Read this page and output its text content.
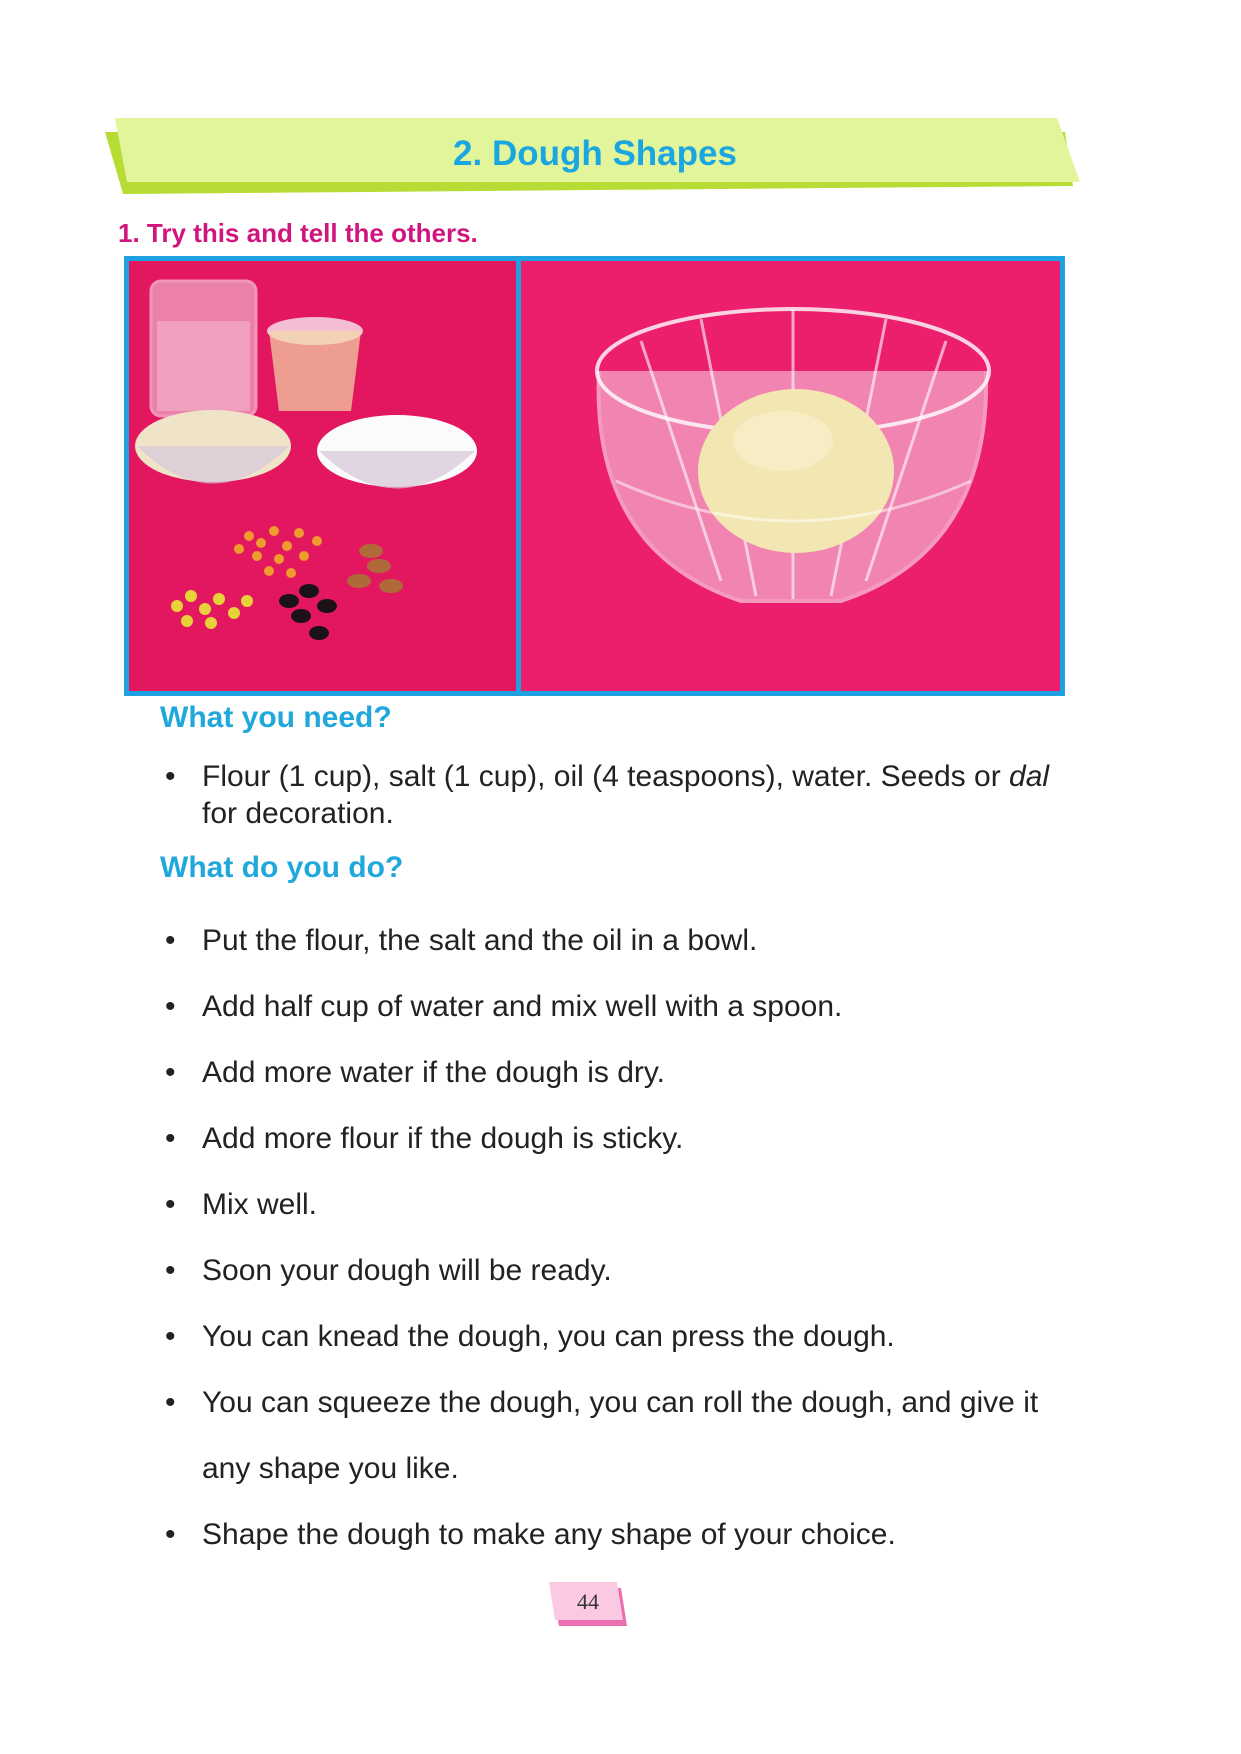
2. Dough Shapes
1. Try this and tell the others.
What you need?
• Flour (1 cup), salt (1 cup), oil (4 teaspoons), water. Seeds or dal
for decoration.
What do you do?
• Put the flour, the salt and the oil in a bowl.
• Add half cup of water and mix well with a spoon.
• Add more water if the dough is dry.
• Add more flour if the dough is sticky.
• Mix well.
• Soon your dough will be ready.
• You can knead the dough, you can press the dough.
• You can squeeze the dough, you can roll the dough, and give it
any shape you like.
• Shape the dough to make any shape of your choice.
44
